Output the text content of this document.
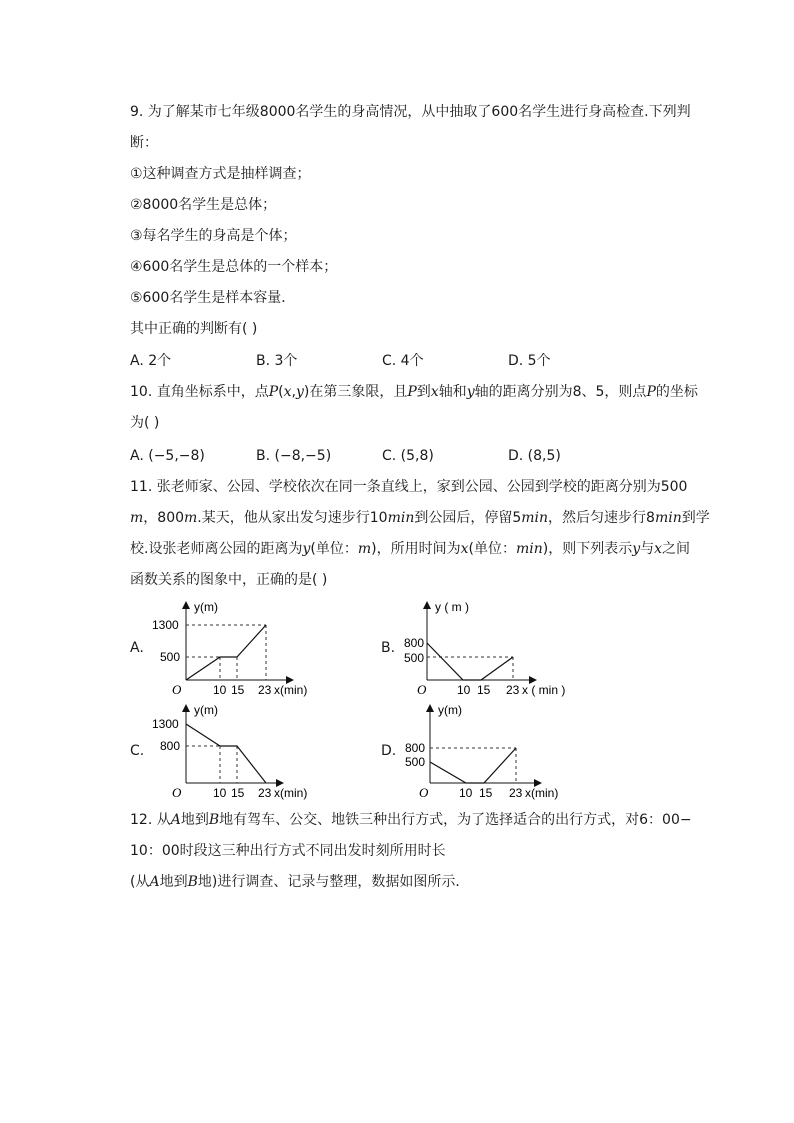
9. 为了解某市七年级8000名学生的身高情况，从中抽取了600名学生进行身高检查.下列判
断：
①这种调查方式是抽样调查；
②8000名学生是总体；
③每名学生的身高是个体；
④600名学生是总体的一个样本；
⑤600名学生是样本容量．
其中正确的判断有( )
A. 2个	B. 3个	C. 4个	D. 5个
10. 直角坐标系中，点P(x,y)在第三象限，且P到x轴和y轴的距离分别为8、5，则点P的坐标
为( )
A. (−5,−8)	B. (−8,−5)	C. (5,8)	D. (8,5)
11. 张老师家、公园、学校依次在同一条直线上，家到公园、公园到学校的距离分别为500
m，800m.某天，他从家出发匀速步行10min到公园后，停留5min，然后匀速步行8min到学
校.设张老师离公园的距离为y(单位：m)，所用时间为x(单位：min)，则下列表示y与x之间
函数关系的图象中，正确的是( )
A.
y(m)
1300
500
O	10 15 23 x(min)
B.
y ( m )
800
500
O	10 15 23 x ( min )
C.
y(m)
1300
800
O	10 15 23 x(min)
D.
y(m)
800
500
O	10 15 23 x(min)
12. 从A地到B地有驾车、公交、地铁三种出行方式，为了选择适合的出行方式，对6：00−
10：00时段这三种出行方式不同出发时刻所用时长
(从A地到B地)进行调查、记录与整理，数据如图所示．
